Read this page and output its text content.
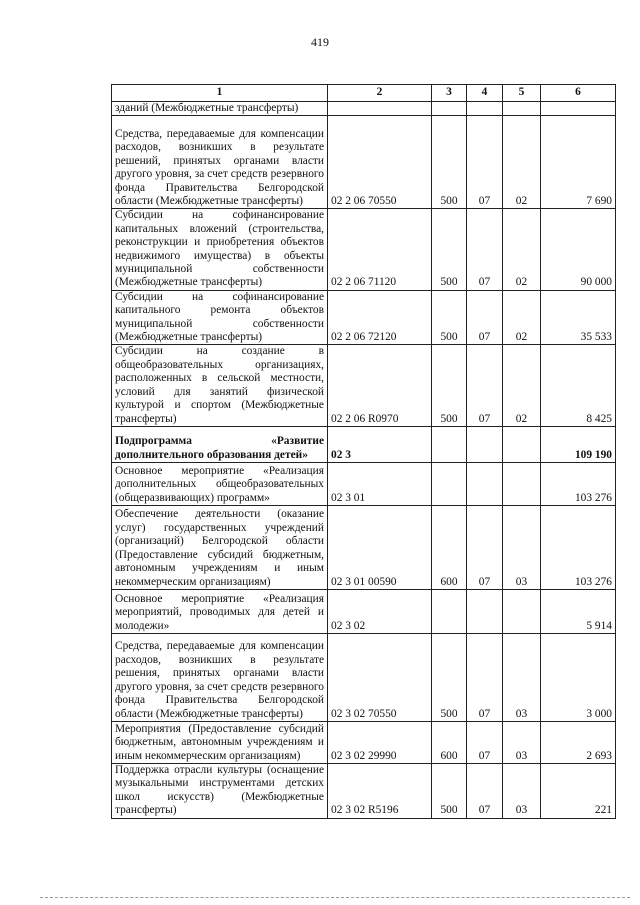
419
1	2	3	4	5	6
зданий (Межбюджетные трансферты)					
Средства, передаваемые для компенсации расходов, возникших в результате решений, принятых органами власти другого уровня, за счет средств резервного фонда Правительства Белгородской области (Межбюджетные трансферты)	02 2 06 70550	500	07	02	7 690
Субсидии на софинансирование капитальных вложений (строительства, реконструкции и приобретения объектов недвижимого имущества) в объекты муниципальной собственности (Межбюджетные трансферты)	02 2 06 71120	500	07	02	90 000
Субсидии на софинансирование капитального ремонта объектов муниципальной собственности (Межбюджетные трансферты)	02 2 06 72120	500	07	02	35 533
Субсидии на создание в общеобразовательных организациях, расположенных в сельской местности, условий для занятий физической культурой и спортом (Межбюджетные трансферты)	02 2 06 R0970	500	07	02	8 425
Подпрограмма «Развитие дополнительного образования детей»	02 3				109 190
Основное мероприятие «Реализация дополнительных общеобразовательных (общеразвивающих) программ»	02 3 01				103 276
Обеспечение деятельности (оказание услуг) государственных учреждений (организаций) Белгородской области (Предоставление субсидий бюджетным, автономным учреждениям и иным некоммерческим организациям)	02 3 01 00590	600	07	03	103 276
Основное мероприятие «Реализация мероприятий, проводимых для детей и молодежи»	02 3 02				5 914
Средства, передаваемые для компенсации расходов, возникших в результате решения, принятых органами власти другого уровня, за счет средств резервного фонда Правительства Белгородской области (Межбюджетные трансферты)	02 3 02 70550	500	07	03	3 000
Мероприятия (Предоставление субсидий бюджетным, автономным учреждениям и иным некоммерческим организациям)	02 3 02 29990	600	07	03	2 693
Поддержка отрасли культуры (оснащение музыкальными инструментами детских школ искусств) (Межбюджетные трансферты)	02 3 02 R5196	500	07	03	221
